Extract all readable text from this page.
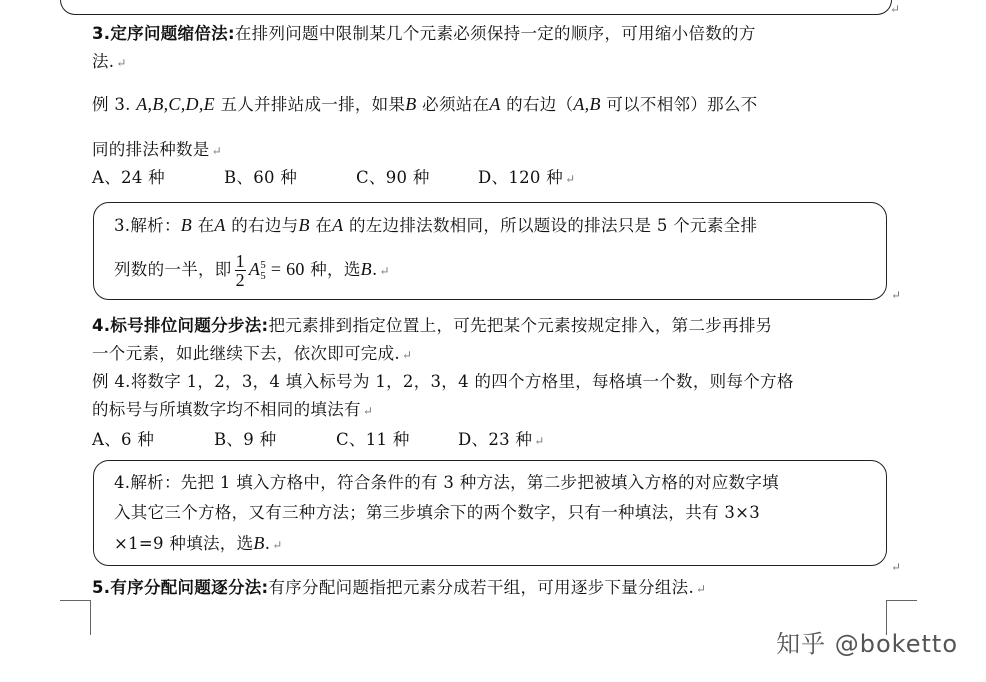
↵
3.定序问题缩倍法:在排列问题中限制某几个元素必须保持一定的顺序，可用缩小倍数的方
法. ↵
例 3. A,B,C,D,E 五人并排站成一排，如果B 必须站在A 的右边（A,B 可以不相邻）那么不
同的排法种数是 ↵
A、24 种	B、60 种	C、90 种	D、120 种 ↵
3.解析：B 在A 的右边与B 在A 的左边排法数相同，所以题设的排法只是 5 个元素全排
列数的一半，即 $\frac{1}{2}$ A 5
5 = 60 种，选B. ↵
↵
4.标号排位问题分步法:把元素排到指定位置上，可先把某个元素按规定排入，第二步再排另
一个元素，如此继续下去，依次即可完成. ↵
例 4.将数字 1，2，3，4 填入标号为 1，2，3，4 的四个方格里，每格填一个数，则每个方格
的标号与所填数字均不相同的填法有 ↵
A、6 种	B、9 种	C、11 种	D、23 种 ↵
4.解析：先把 1 填入方格中，符合条件的有 3 种方法，第二步把被填入方格的对应数字填
入其它三个方格，又有三种方法；第三步填余下的两个数字，只有一种填法，共有 3×3
×1=9 种填法，选B. ↵
↵
5.有序分配问题逐分法:有序分配问题指把元素分成若干组，可用逐步下量分组法. ↵
知乎 @boketto
